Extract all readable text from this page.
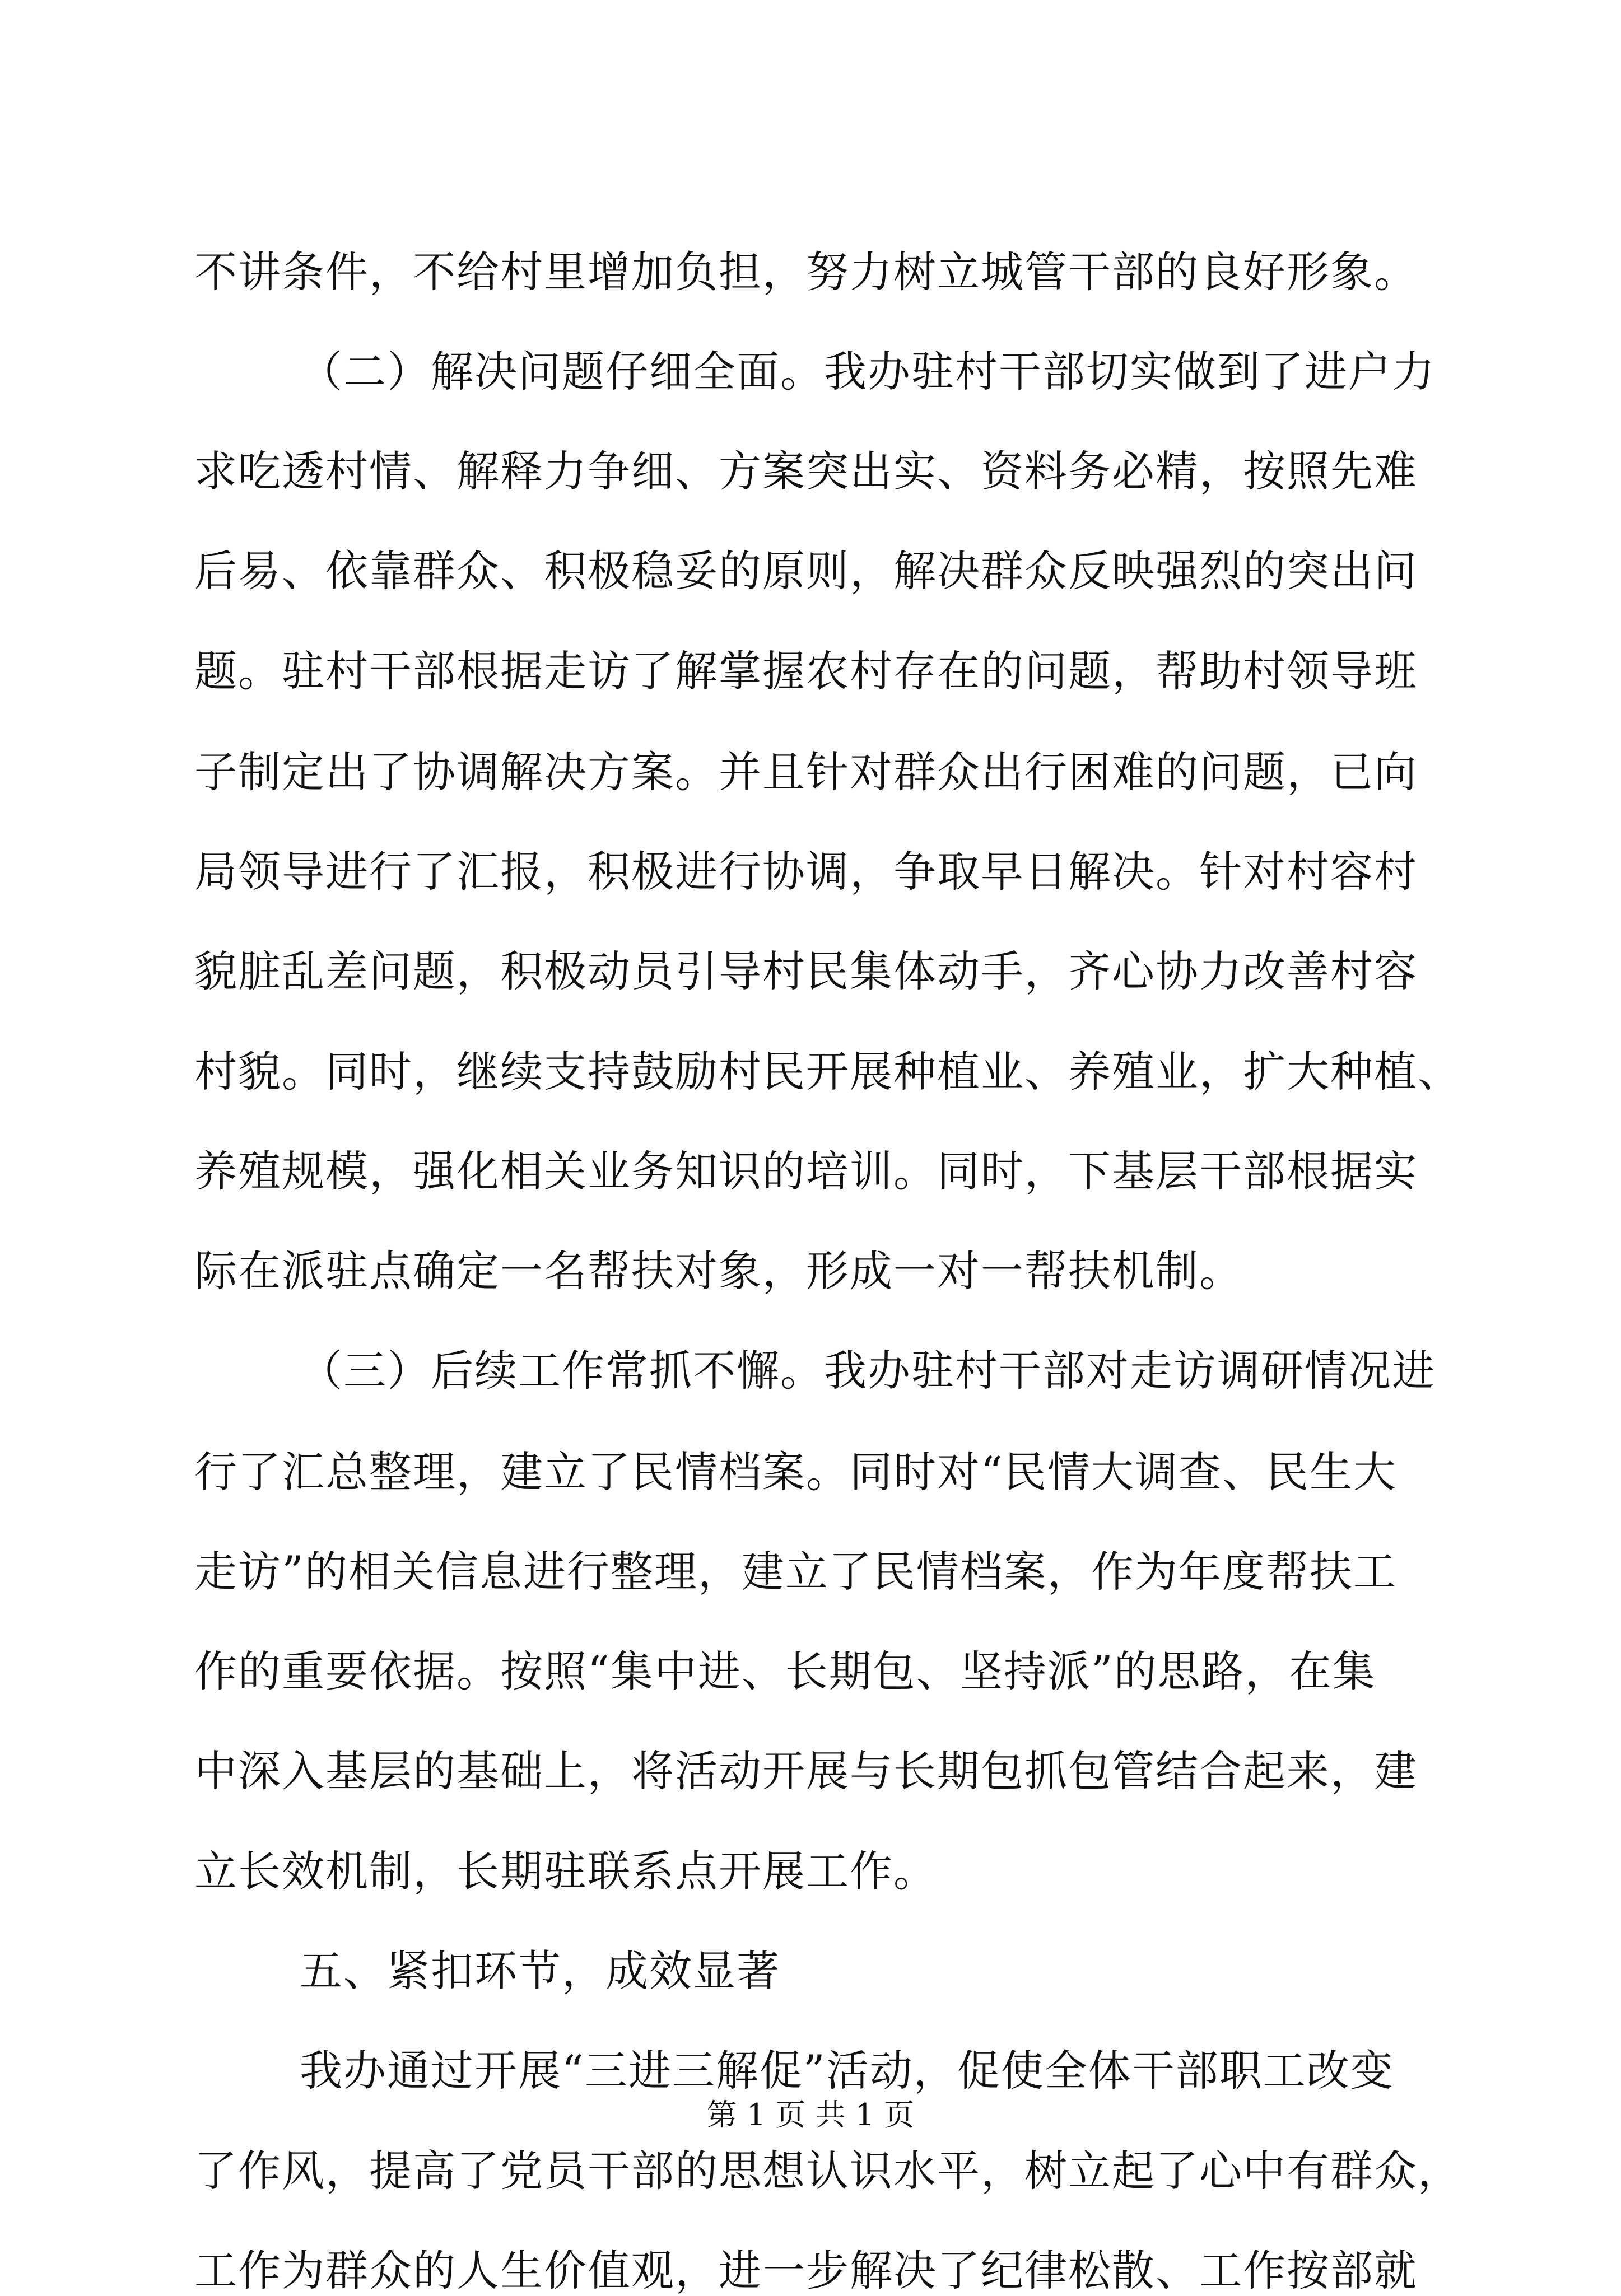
不讲条件，不给村里增加负担，努力树立城管干部的良好形象。
（二）解决问题仔细全面。我办驻村干部切实做到了进户力
求吃透村情、解释力争细、方案突出实、资料务必精，按照先难
后易、依靠群众、积极稳妥的原则，解决群众反映强烈的突出问
题。驻村干部根据走访了解掌握农村存在的问题，帮助村领导班
子制定出了协调解决方案。并且针对群众出行困难的问题，已向
局领导进行了汇报，积极进行协调，争取早日解决。针对村容村
貌脏乱差问题，积极动员引导村民集体动手，齐心协力改善村容
村貌。同时，继续支持鼓励村民开展种植业、养殖业，扩大种植、
养殖规模，强化相关业务知识的培训。同时，下基层干部根据实
际在派驻点确定一名帮扶对象，形成一对一帮扶机制。
（三）后续工作常抓不懈。我办驻村干部对走访调研情况进
行了汇总整理，建立了民情档案。同时对“民情大调查、民生大
走访”的相关信息进行整理，建立了民情档案，作为年度帮扶工
作的重要依据。按照“集中进、长期包、坚持派”的思路，在集
中深入基层的基础上，将活动开展与长期包抓包管结合起来，建
立长效机制，长期驻联系点开展工作。
五、紧扣环节，成效显著
我办通过开展“三进三解促”活动，促使全体干部职工改变
了作风，提高了党员干部的思想认识水平，树立起了心中有群众，
工作为群众的人生价值观，进一步解决了纪律松散、工作按部就
第 1 页 共 1 页
